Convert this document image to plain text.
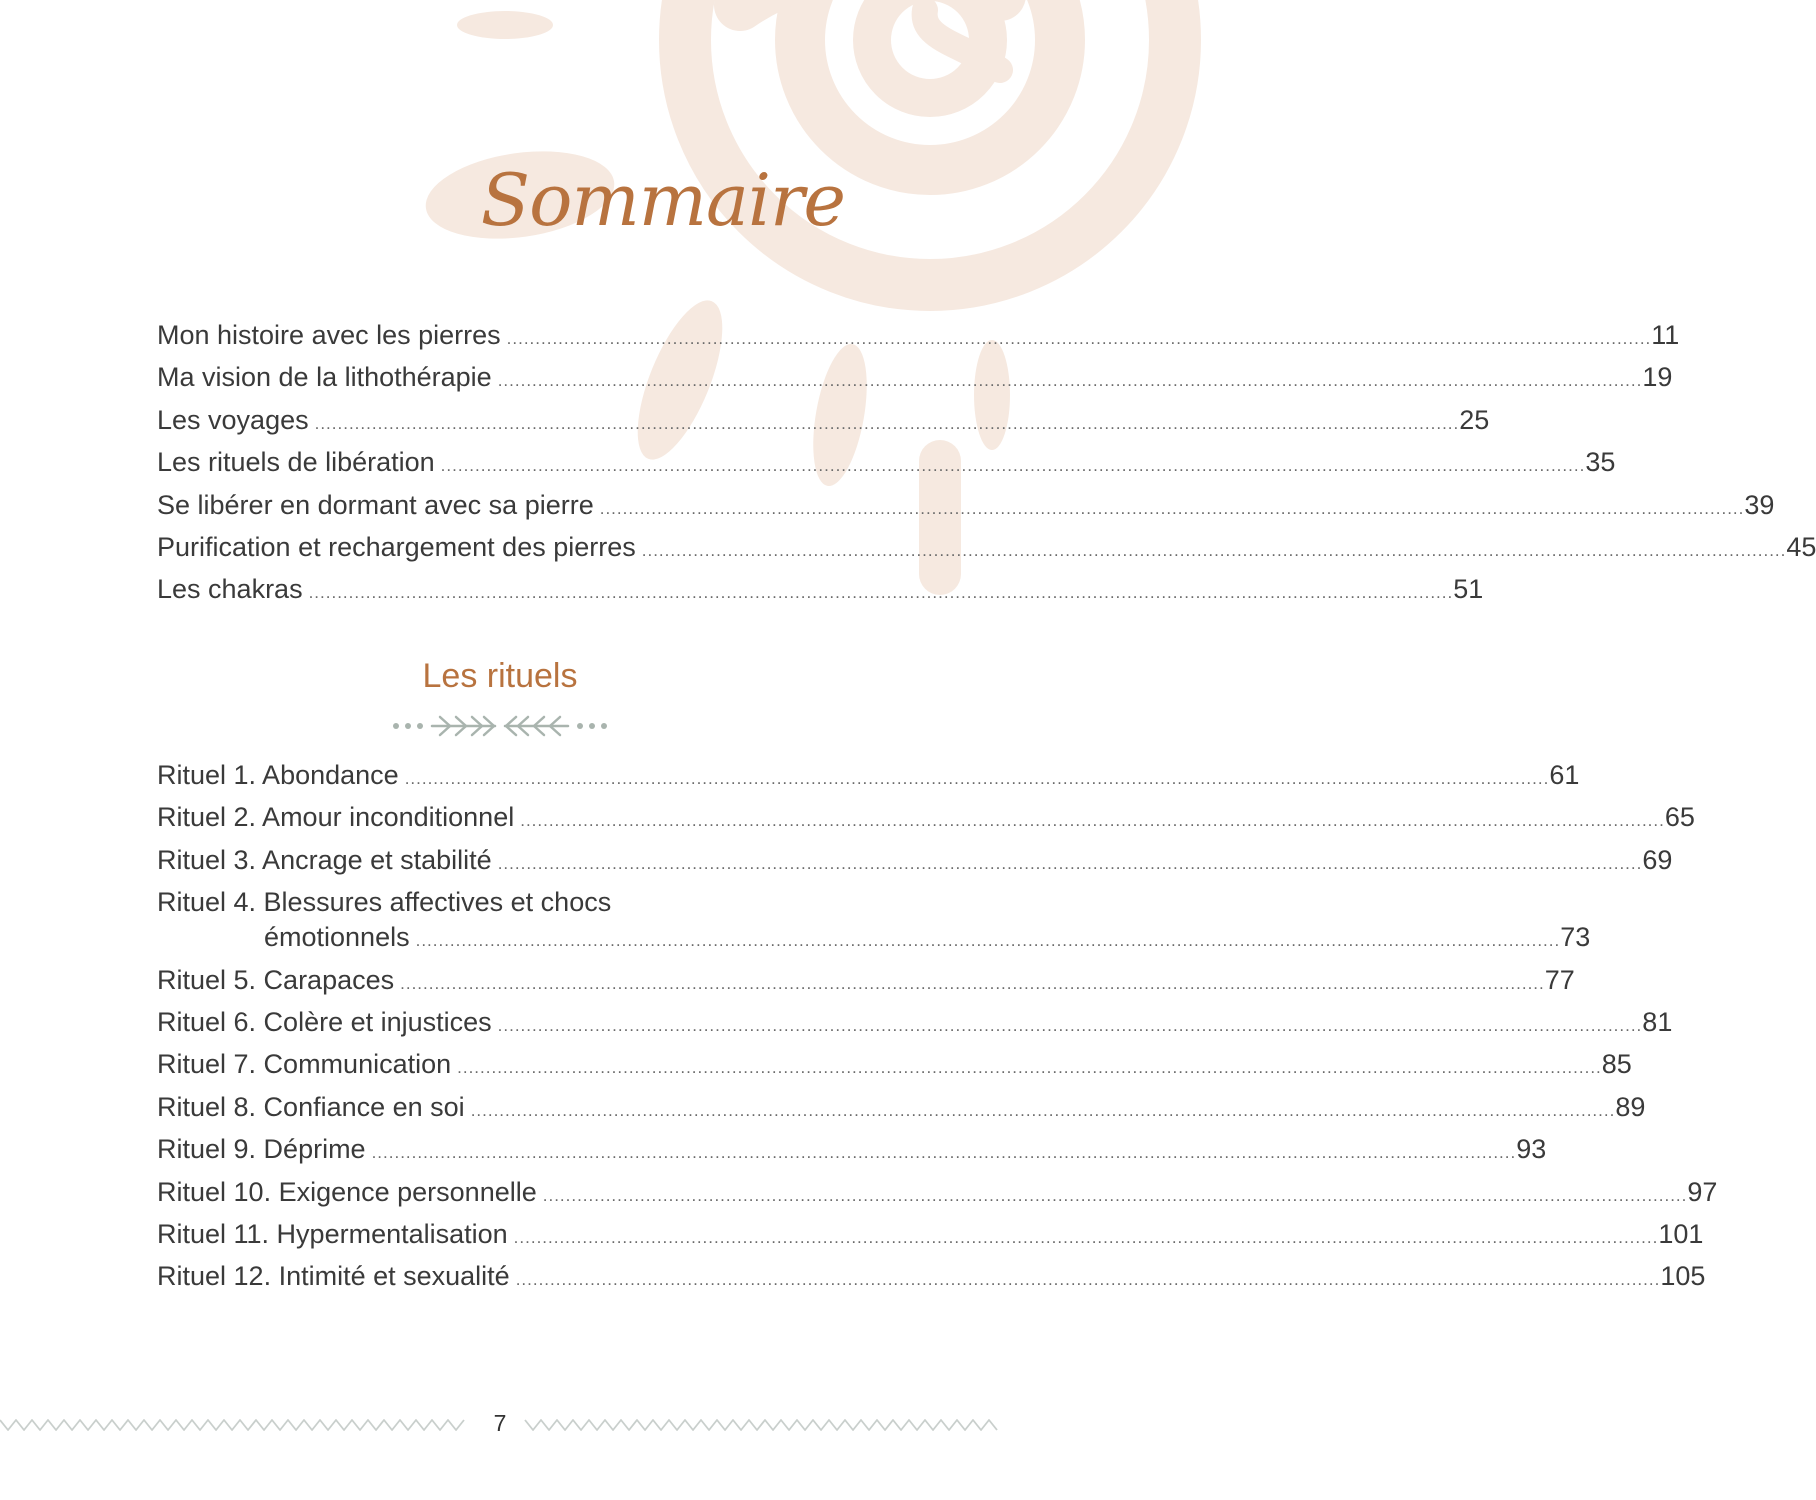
Sommaire
Mon histoire avec les pierres ........................................................................................................................................................................................................ 11
Ma vision de la lithothérapie ........................................................................................................................................................................................................ 19
Les voyages ........................................................................................................................................................................................................ 25
Les rituels de libération ........................................................................................................................................................................................................ 35
Se libérer en dormant avec sa pierre ........................................................................................................................................................................................................ 39
Purification et rechargement des pierres ........................................................................................................................................................................................................ 45
Les chakras ........................................................................................................................................................................................................ 51
Les rituels
Rituel 1. Abondance ........................................................................................................................................................................................................ 61
Rituel 2. Amour inconditionnel ........................................................................................................................................................................................................ 65
Rituel 3. Ancrage et stabilité ........................................................................................................................................................................................................ 69
Rituel 4. Blessures affectives et chocs
émotionnels ........................................................................................................................................................................................................ 73
Rituel 5. Carapaces ........................................................................................................................................................................................................ 77
Rituel 6. Colère et injustices ........................................................................................................................................................................................................ 81
Rituel 7. Communication ........................................................................................................................................................................................................ 85
Rituel 8. Confiance en soi ........................................................................................................................................................................................................ 89
Rituel 9. Déprime ........................................................................................................................................................................................................ 93
Rituel 10. Exigence personnelle ........................................................................................................................................................................................................ 97
Rituel 11. Hypermentalisation ........................................................................................................................................................................................................ 101
Rituel 12. Intimité et sexualité ........................................................................................................................................................................................................ 105
7
